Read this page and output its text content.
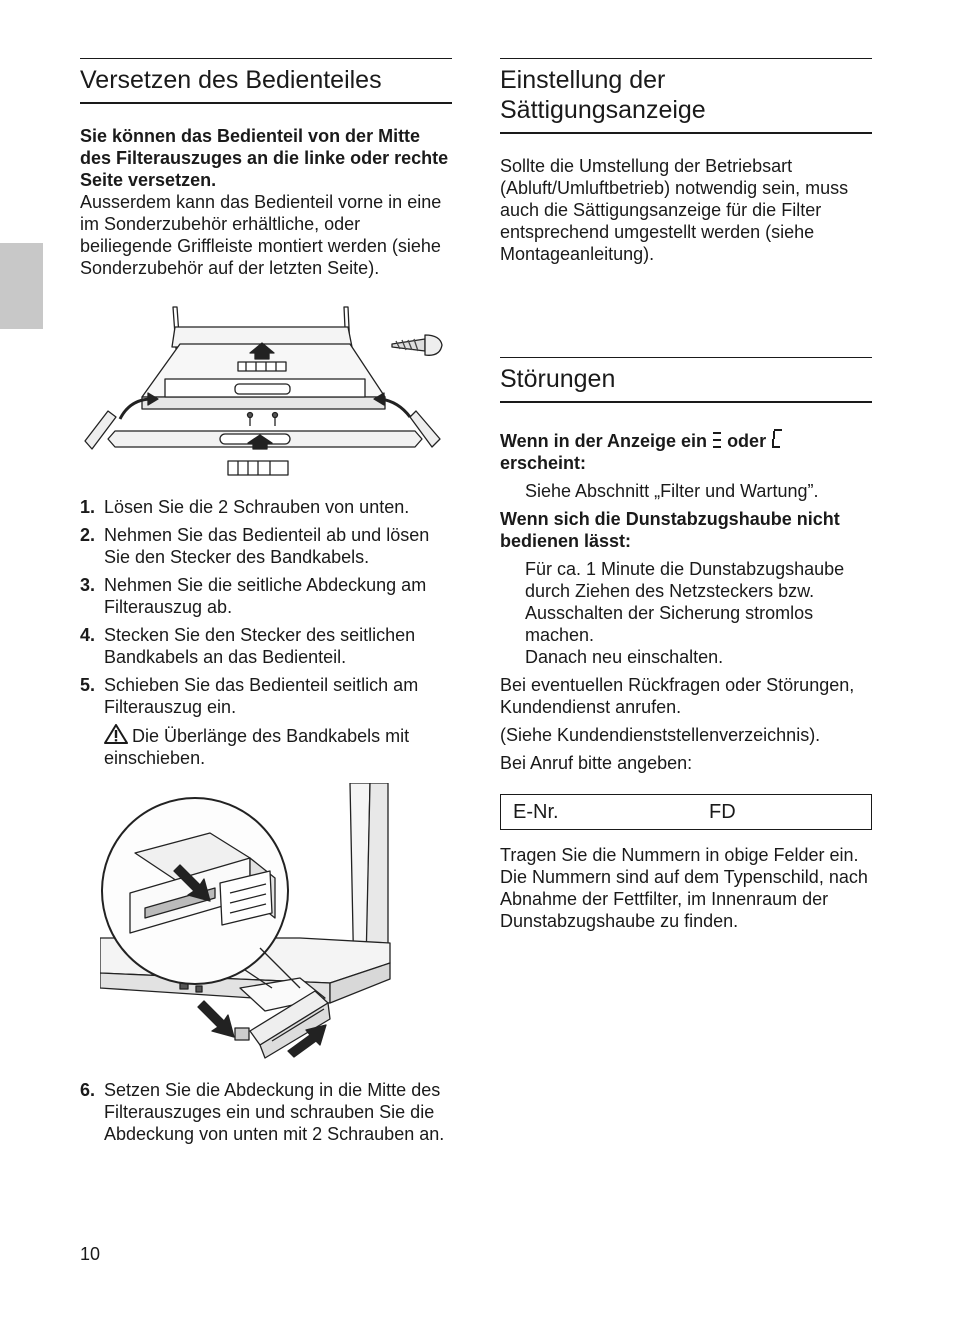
Versetzen des Bedienteiles

Sie können das Bedienteil von der Mitte des Filterauszuges an die linke oder rechte Seite versetzen.

Ausserdem kann das Bedienteil vorne in eine im Sonderzubehör erhältliche, oder beiliegende Griffleiste montiert werden (siehe Sonderzubehör auf der letzten Seite).

1. Lösen Sie die 2 Schrauben von unten.
2. Nehmen Sie das Bedienteil ab und lösen Sie den Stecker des Bandkabels.
3. Nehmen Sie die seitliche Abdeckung am Filterauszug ab.
4. Stecken Sie den Stecker des seitlichen Bandkabels an das Bedienteil.
5. Schieben Sie das Bedienteil seitlich am Filterauszug ein.
Die Überlänge des Bandkabels mit einschieben.
6. Setzen Sie die Abdeckung in die Mitte des Filterauszuges ein und schrauben Sie die Abdeckung von unten mit 2 Schrauben an.
Einstellung der Sättigungsanzeige

Sollte die Umstellung der Betriebsart (Abluft/Umluftbetrieb) notwendig sein, muss auch die Sättigungsanzeige für die Filter entsprechend umgestellt werden (siehe Montageanleitung).

Störungen

Wenn in der Anzeige ein oder
erscheint:

Siehe Abschnitt „Filter und Wartung”.

Wenn sich die Dunstabzugshaube nicht bedienen lässt:

Für ca. 1 Minute die Dunstabzugshaube durch Ziehen des Netzsteckers bzw. Ausschalten der Sicherung stromlos machen.

Danach neu einschalten.

Bei eventuellen Rückfragen oder Störungen, Kundendienst anrufen.

(Siehe Kundendienststellenverzeichnis).

Bei Anruf bitte angeben:

E-Nr.	FD

Tragen Sie die Nummern in obige Felder ein. Die Nummern sind auf dem Typenschild, nach Abnahme der Fettfilter, im Innenraum der Dunstabzugshaube zu finden.

10
